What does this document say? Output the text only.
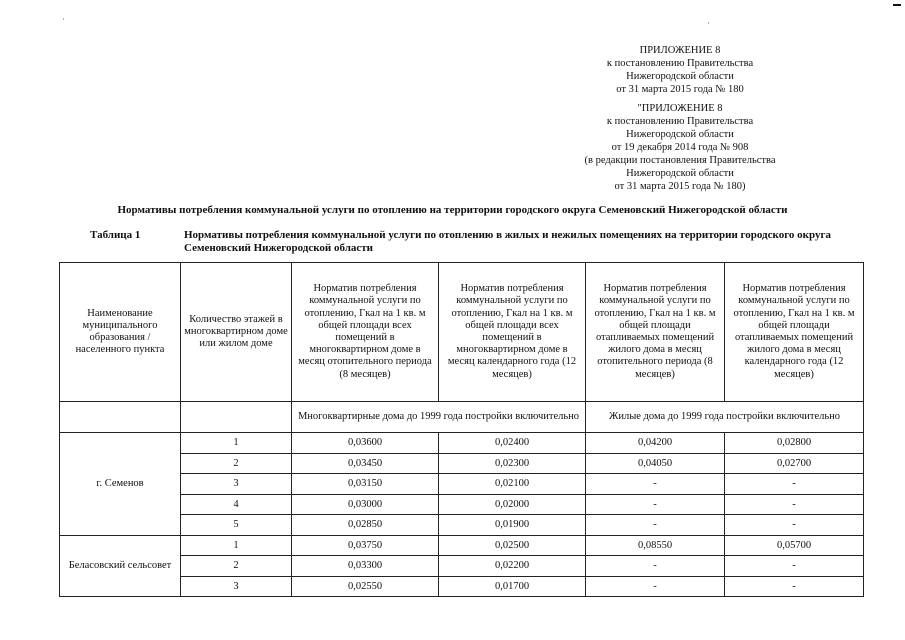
·	·
ПРИЛОЖЕНИЕ 8
к постановлению Правительства
Нижегородской области
от 31 марта 2015 года № 180
"ПРИЛОЖЕНИЕ 8
к постановлению Правительства
Нижегородской области
от 19 декабря 2014 года № 908
(в редакции постановления Правительства
Нижегородской области
от 31 марта 2015 года № 180)
Нормативы потребления коммунальной услуги по отоплению на территории городского округа Семеновский Нижегородской области
Таблица 1	Нормативы потребления коммунальной услуги по отоплению в жилых и нежилых помещениях на территории городского округа Семеновский Нижегородской области
Наименование муниципального образования / населенного пункта	Количество этажей в многоквартирном доме или жилом доме	Норматив потребления коммунальной услуги по отоплению, Гкал на 1 кв. м общей площади всех помещений в многоквартирном доме в месяц отопительного периода (8 месяцев)	Норматив потребления коммунальной услуги по отоплению, Гкал на 1 кв. м общей площади всех помещений в многоквартирном доме в месяц календарного года (12 месяцев)	Норматив потребления коммунальной услуги по отоплению, Гкал на 1 кв. м общей площади отапливаемых помещений жилого дома в месяц отопительного периода (8 месяцев)	Норматив потребления коммунальной услуги по отоплению, Гкал на 1 кв. м общей площади отапливаемых помещений жилого дома в месяц календарного года (12 месяцев)
		Многоквартирные дома до 1999 года постройки включительно		Жилые дома до 1999 года постройки включительно	
г. Семенов	1	0,03600	0,02400	0,04200	0,02800
	2	0,03450	0,02300	0,04050	0,02700
	3	0,03150	0,02100	-	-
	4	0,03000	0,02000	-	-
	5	0,02850	0,01900	-	-
Беласовский сельсовет	1	0,03750	0,02500	0,08550	0,05700
	2	0,03300	0,02200	-	-
	3	0,02550	0,01700	-	-
